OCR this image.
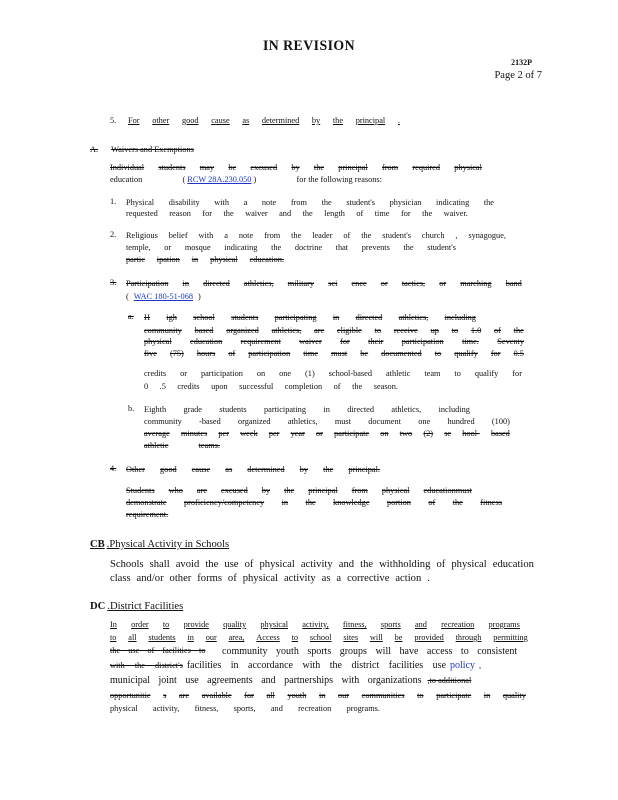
IN REVISION
2132P
Page 2 of 7
5. For other good cause as determined by the principal .
A. Waivers and Exemptions
Individual students may be excused by the principal from required physical
education	( RCW 28A.230.050 )	for the following reasons:
1. Physical disability with a note from the student's physician indicating the
requested reason for the waiver and the length of time for the waiver.
2. Religious belief with a note from the leader of the student's church , synagogue,
temple, or mosque indicating the doctrine that prevents the student's
partic ipation in physical education.
3. Participation in directed athletics, military sci ence or tactics, or marching band
( WAC 180-51-068 )
a. H igh school students participating in directed athletics, including
community based organized athletics, are eligible to receive up to 1.0 of the
physical education requirement waiver for their participation time. Seventy
five (75) hours of participation time must be documented to qualify for 0.5
credits or participation on one (1) school-based athletic team to qualify for
0 .5 credits upon successful completion of the season.
b. Eighth grade students participating in directed athletics, including
community -based organized athletics, must document one hundred (100)
average minutes per week per year or participate on two (2) sc hool- based
athletic	teams.
4. Other good cause as determined by the principal.
Students who are excused by the principal from physical educationmust
demonstrate proficiency/competency in the knowledge portion of the fitness
requirement.
CB .Physical Activity in Schools
Schools shall avoid the use of physical activity and the withholding of physical education
class and/or other forms of physical activity as a corrective action .
DC .District Facilities
In order to provide quality physical activity, fitness, sports and recreation programs
to all students in our area, Access to school sites will be provided through permitting
the use of facilities to	community youth sports groups will have access to consistent
with the district's facilities in accordance with the district facilities use policy ,
municipal joint use agreements and partnerships with organizations ,to additional
opportunitie s are available for all youth in our communities to participate in quality
physical activity, fitness, sports, and recreation programs.
